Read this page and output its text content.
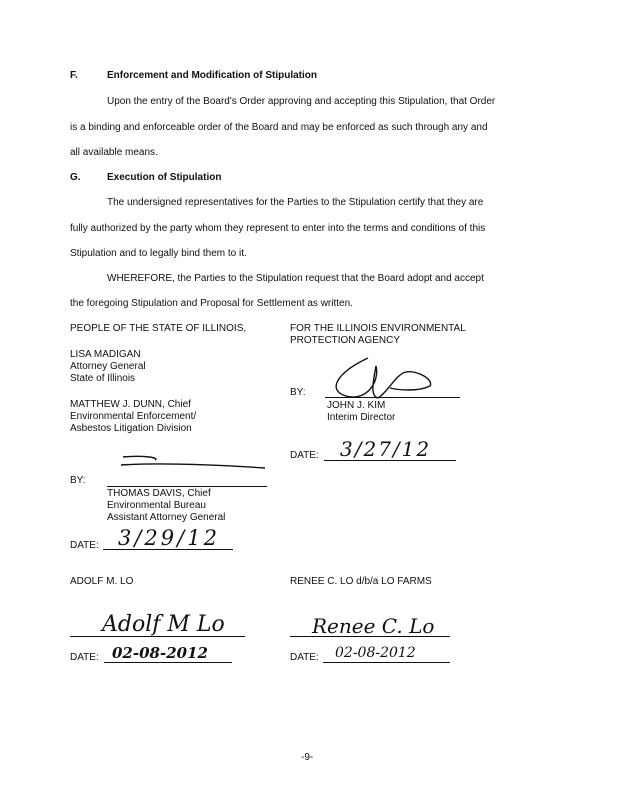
F.	Enforcement and Modification of Stipulation
Upon the entry of the Board's Order approving and accepting this Stipulation, that Order
is a binding and enforceable order of the Board and may be enforced as such through any and
all available means.
G.	Execution of Stipulation
The undersigned representatives for the Parties to the Stipulation certify that they are
fully authorized by the party whom they represent to enter into the terms and conditions of this
Stipulation and to legally bind them to it.
WHEREFORE, the Parties to the Stipulation request that the Board adopt and accept
the foregoing Stipulation and Proposal for Settlement as written.
PEOPLE OF THE STATE OF ILLINOIS,
LISA MADIGAN
Attorney General
State of Illinois
MATTHEW J. DUNN, Chief
Environmental Enforcement/
Asbestos Litigation Division
BY:
THOMAS DAVIS, Chief
Environmental Bureau
Assistant Attorney General
DATE: 3/29/12
FOR THE ILLINOIS ENVIRONMENTAL
PROTECTION AGENCY
BY:
JOHN J. KIM
Interim Director
DATE: 3/27/12
ADOLF M. LO	RENEE C. LO d/b/a LO FARMS
Adolf M Lo
DATE: 02-08-2012
Renee C. Lo
DATE: 02-08-2012
-9-
